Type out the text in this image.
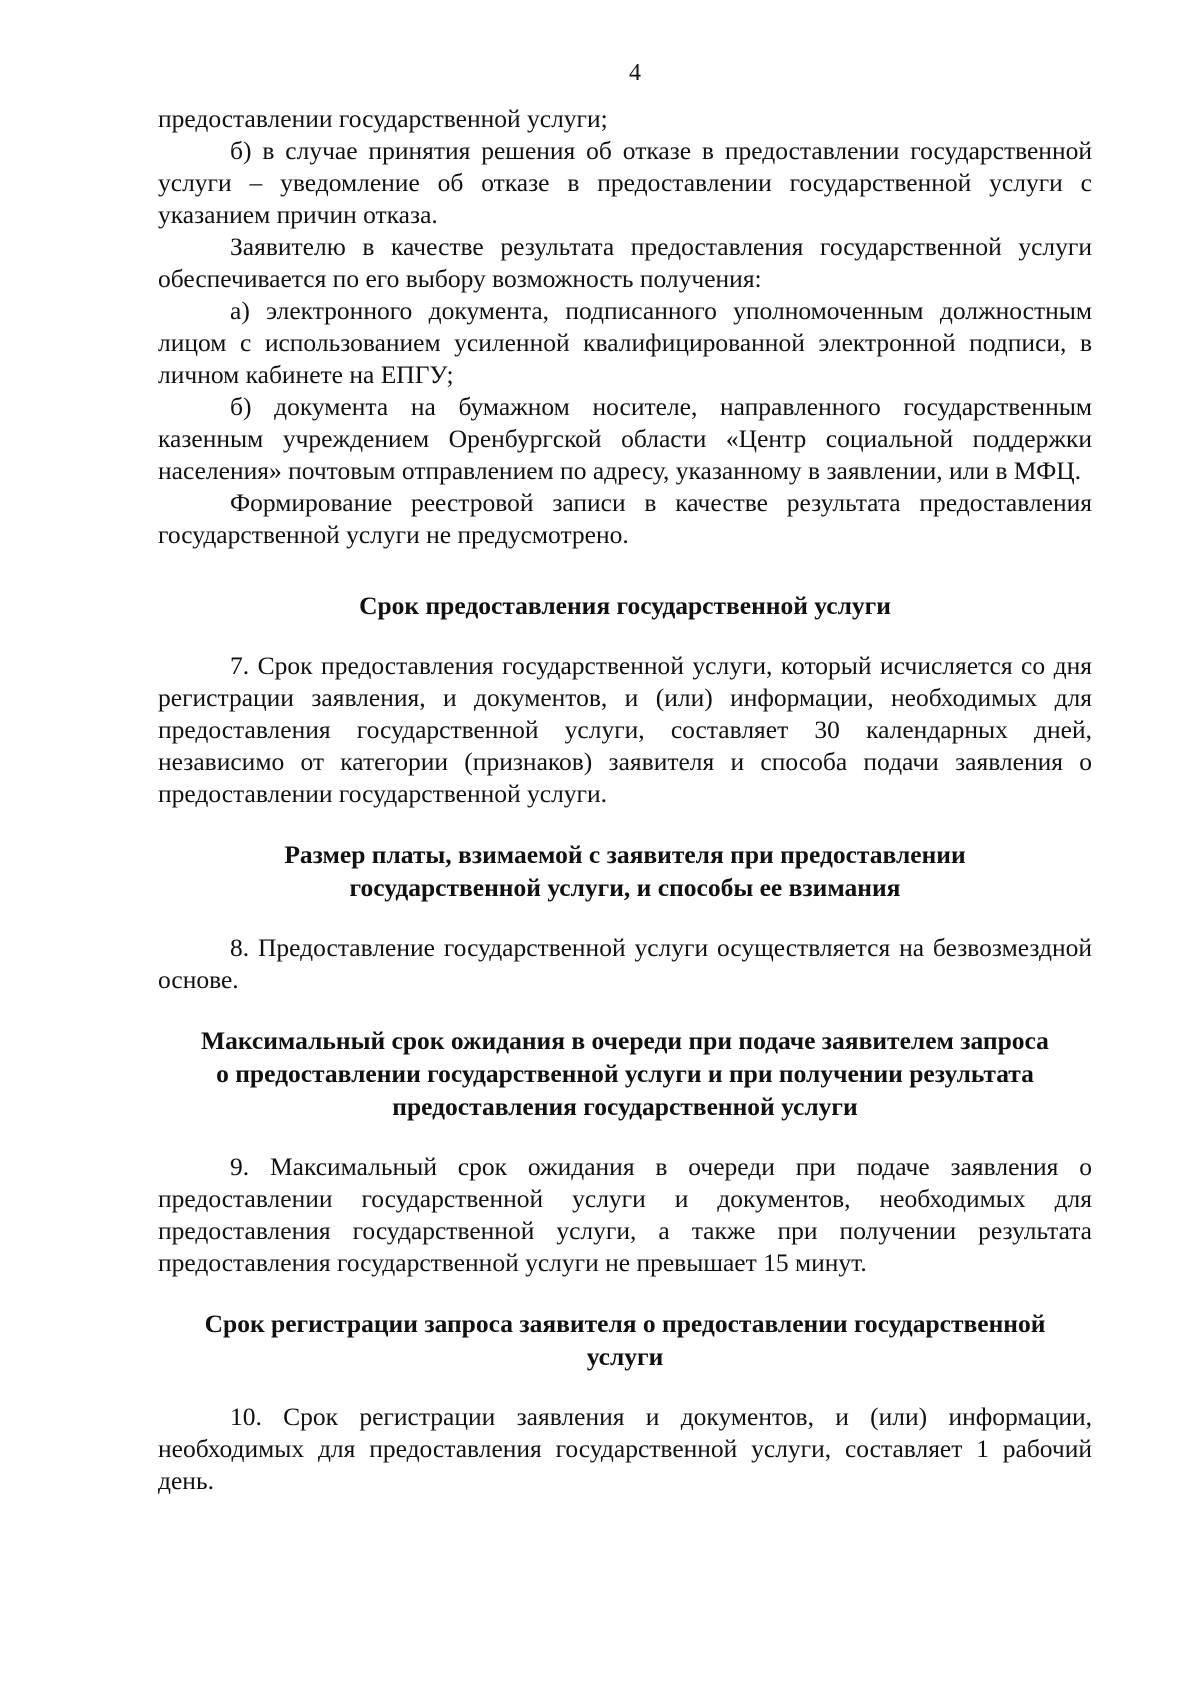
4

предоставлении государственной услуги;

б) в случае принятия решения об отказе в предоставлении государственной услуги – уведомление об отказе в предоставлении государственной услуги с указанием причин отказа.

Заявителю в качестве результата предоставления государственной услуги обеспечивается по его выбору возможность получения:

а) электронного документа, подписанного уполномоченным должностным лицом с использованием усиленной квалифицированной электронной подписи, в личном кабинете на ЕПГУ;

б) документа на бумажном носителе, направленного государственным казенным учреждением Оренбургской области «Центр социальной поддержки населения» почтовым отправлением по адресу, указанному в заявлении, или в МФЦ.

Формирование реестровой записи в качестве результата предоставления государственной услуги не предусмотрено.

Срок предоставления государственной услуги

7. Срок предоставления государственной услуги, который исчисляется со дня регистрации заявления, и документов, и (или) информации, необходимых для предоставления государственной услуги, составляет 30 календарных дней, независимо от категории (признаков) заявителя и способа подачи заявления о предоставлении государственной услуги.

Размер платы, взимаемой с заявителя при предоставлении
государственной услуги, и способы ее взимания

8. Предоставление государственной услуги осуществляется на безвозмездной основе.

Максимальный срок ожидания в очереди при подаче заявителем запроса
о предоставлении государственной услуги и при получении результата
предоставления государственной услуги

9. Максимальный срок ожидания в очереди при подаче заявления о предоставлении государственной услуги и документов, необходимых для предоставления государственной услуги, а также при получении результата предоставления государственной услуги не превышает 15 минут.

Срок регистрации запроса заявителя о предоставлении государственной
услуги

10. Срок регистрации заявления и документов, и (или) информации, необходимых для предоставления государственной услуги, составляет 1 рабочий день.
